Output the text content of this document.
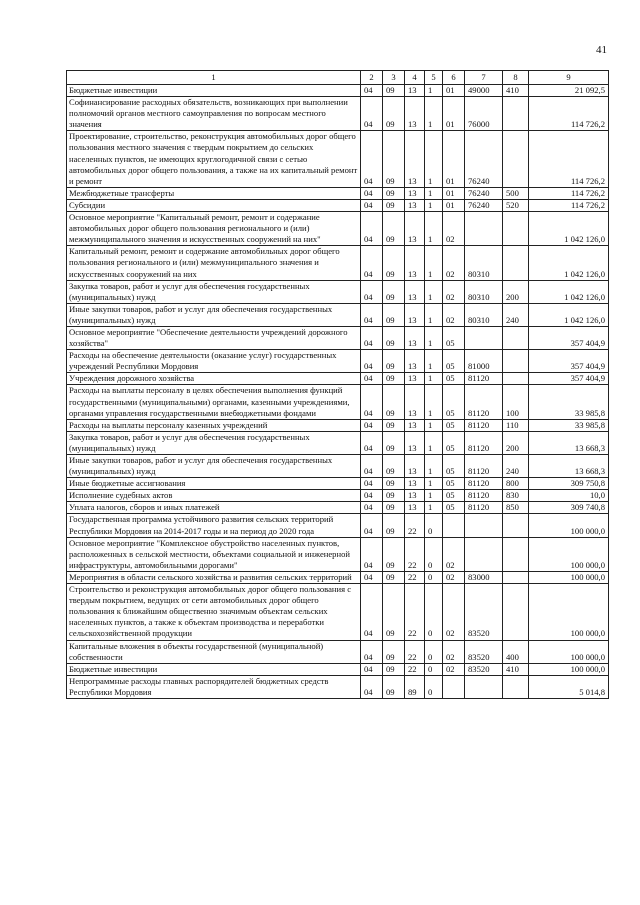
41
1	2	3	4	5	6	7	8	9
Бюджетные инвестиции	04	09	13	1	01	49000	410	21 092,5
Софинансирование расходных обязательств, возникающих при выполнении полномочий органов местного самоуправления по вопросам местного значения	04	09	13	1	01	76000		114 726,2
Проектирование, строительство, реконструкция автомобильных дорог общего пользования местного значения с твердым покрытием до сельских населенных пунктов, не имеющих круглогодичной связи с сетью автомобильных дорог общего пользования, а также на их капитальный ремонт и ремонт	04	09	13	1	01	76240		114 726,2
Межбюджетные трансферты	04	09	13	1	01	76240	500	114 726,2
Субсидии	04	09	13	1	01	76240	520	114 726,2
Основное мероприятие "Капитальный ремонт, ремонт и содержание автомобильных дорог общего пользования регионального и (или) межмуниципального значения и искусственных сооружений на них"	04	09	13	1	02			1 042 126,0
Капитальный ремонт, ремонт и содержание автомобильных дорог общего пользования регионального и (или) межмуниципального значения и искусственных сооружений на них	04	09	13	1	02	80310		1 042 126,0
Закупка товаров, работ и услуг для обеспечения государственных (муниципальных) нужд	04	09	13	1	02	80310	200	1 042 126,0
Иные закупки товаров, работ и услуг для обеспечения государственных (муниципальных) нужд	04	09	13	1	02	80310	240	1 042 126,0
Основное мероприятие "Обеспечение деятельности учреждений дорожного хозяйства"	04	09	13	1	05			357 404,9
Расходы на обеспечение деятельности (оказание услуг) государственных учреждений Республики Мордовия	04	09	13	1	05	81000		357 404,9
Учреждения дорожного хозяйства	04	09	13	1	05	81120		357 404,9
Расходы на выплаты персоналу в целях обеспечения выполнения функций государственными (муниципальными) органами, казенными учреждениями, органами управления государственными внебюджетными фондами	04	09	13	1	05	81120	100	33 985,8
Расходы на выплаты персоналу казенных учреждений	04	09	13	1	05	81120	110	33 985,8
Закупка товаров, работ и услуг для обеспечения государственных (муниципальных) нужд	04	09	13	1	05	81120	200	13 668,3
Иные закупки товаров, работ и услуг для обеспечения государственных (муниципальных) нужд	04	09	13	1	05	81120	240	13 668,3
Иные бюджетные ассигнования	04	09	13	1	05	81120	800	309 750,8
Исполнение судебных актов	04	09	13	1	05	81120	830	10,0
Уплата налогов, сборов и иных платежей	04	09	13	1	05	81120	850	309 740,8
Государственная программа устойчивого развития сельских территорий Республики Мордовия на 2014-2017 годы и на период до 2020 года	04	09	22	0				100 000,0
Основное мероприятие "Комплексное обустройство населенных пунктов, расположенных в сельской местности, объектами социальной и инженерной инфраструктуры, автомобильными дорогами"	04	09	22	0	02			100 000,0
Мероприятия в области сельского хозяйства и развития сельских территорий	04	09	22	0	02	83000		100 000,0
Строительство и реконструкция автомобильных дорог общего пользования с твердым покрытием, ведущих от сети автомобильных дорог общего пользования к ближайшим общественно значимым объектам сельских населенных пунктов, а также к объектам производства и переработки сельскохозяйственной продукции	04	09	22	0	02	83520		100 000,0
Капитальные вложения в объекты государственной (муниципальной) собственности	04	09	22	0	02	83520	400	100 000,0
Бюджетные инвестиции	04	09	22	0	02	83520	410	100 000,0
Непрограммные расходы главных распорядителей бюджетных средств Республики Мордовия	04	09	89	0				5 014,8
